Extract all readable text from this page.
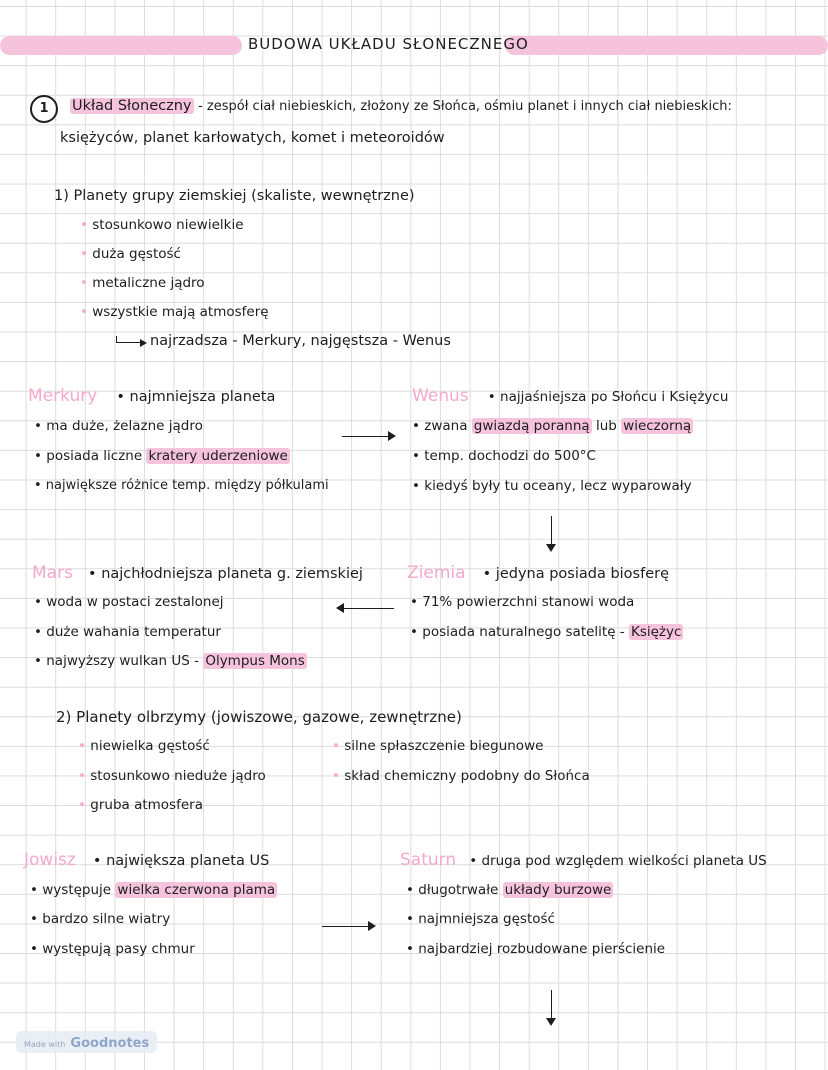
BUDOWA UKŁADU SŁONECZNEGO
1	Układ Słoneczny - zespół ciał niebieskich, złożony ze Słońca, ośmiu planet i innych ciał niebieskich:
księżyców, planet karłowatych, komet i meteoroidów
1) Planety grupy ziemskiej (skaliste, wewnętrzne)
• stosunkowo niewielkie
• duża gęstość
• metaliczne jądro
• wszystkie mają atmosferę
najrzadsza - Merkury, najgęstsza - Wenus
Merkury • najmniejsza planeta
• ma duże, żelazne jądro
• posiada liczne kratery uderzeniowe
• największe różnice temp. między półkulami
Wenus • najjaśniejsza po Słońcu i Księżycu
• zwana gwiazdą poranną lub wieczorną
• temp. dochodzi do 500°C
• kiedyś były tu oceany, lecz wyparowały
Mars • najchłodniejsza planeta g. ziemskiej
• woda w postaci zestalonej
• duże wahania temperatur
• najwyższy wulkan US - Olympus Mons
Ziemia • jedyna posiada biosferę
• 71% powierzchni stanowi woda
• posiada naturalnego satelitę - Księżyc
2) Planety olbrzymy (jowiszowe, gazowe, zewnętrzne)
• niewielka gęstość
• stosunkowo nieduże jądro
• gruba atmosfera
• silne spłaszczenie biegunowe
• skład chemiczny podobny do Słońca
Jowisz • największa planeta US
• występuje wielka czerwona plama
• bardzo silne wiatry
• występują pasy chmur
Saturn • druga pod względem wielkości planeta US
• długotrwałe układy burzowe
• najmniejsza gęstość
• najbardziej rozbudowane pierścienie
Made with Goodnotes
